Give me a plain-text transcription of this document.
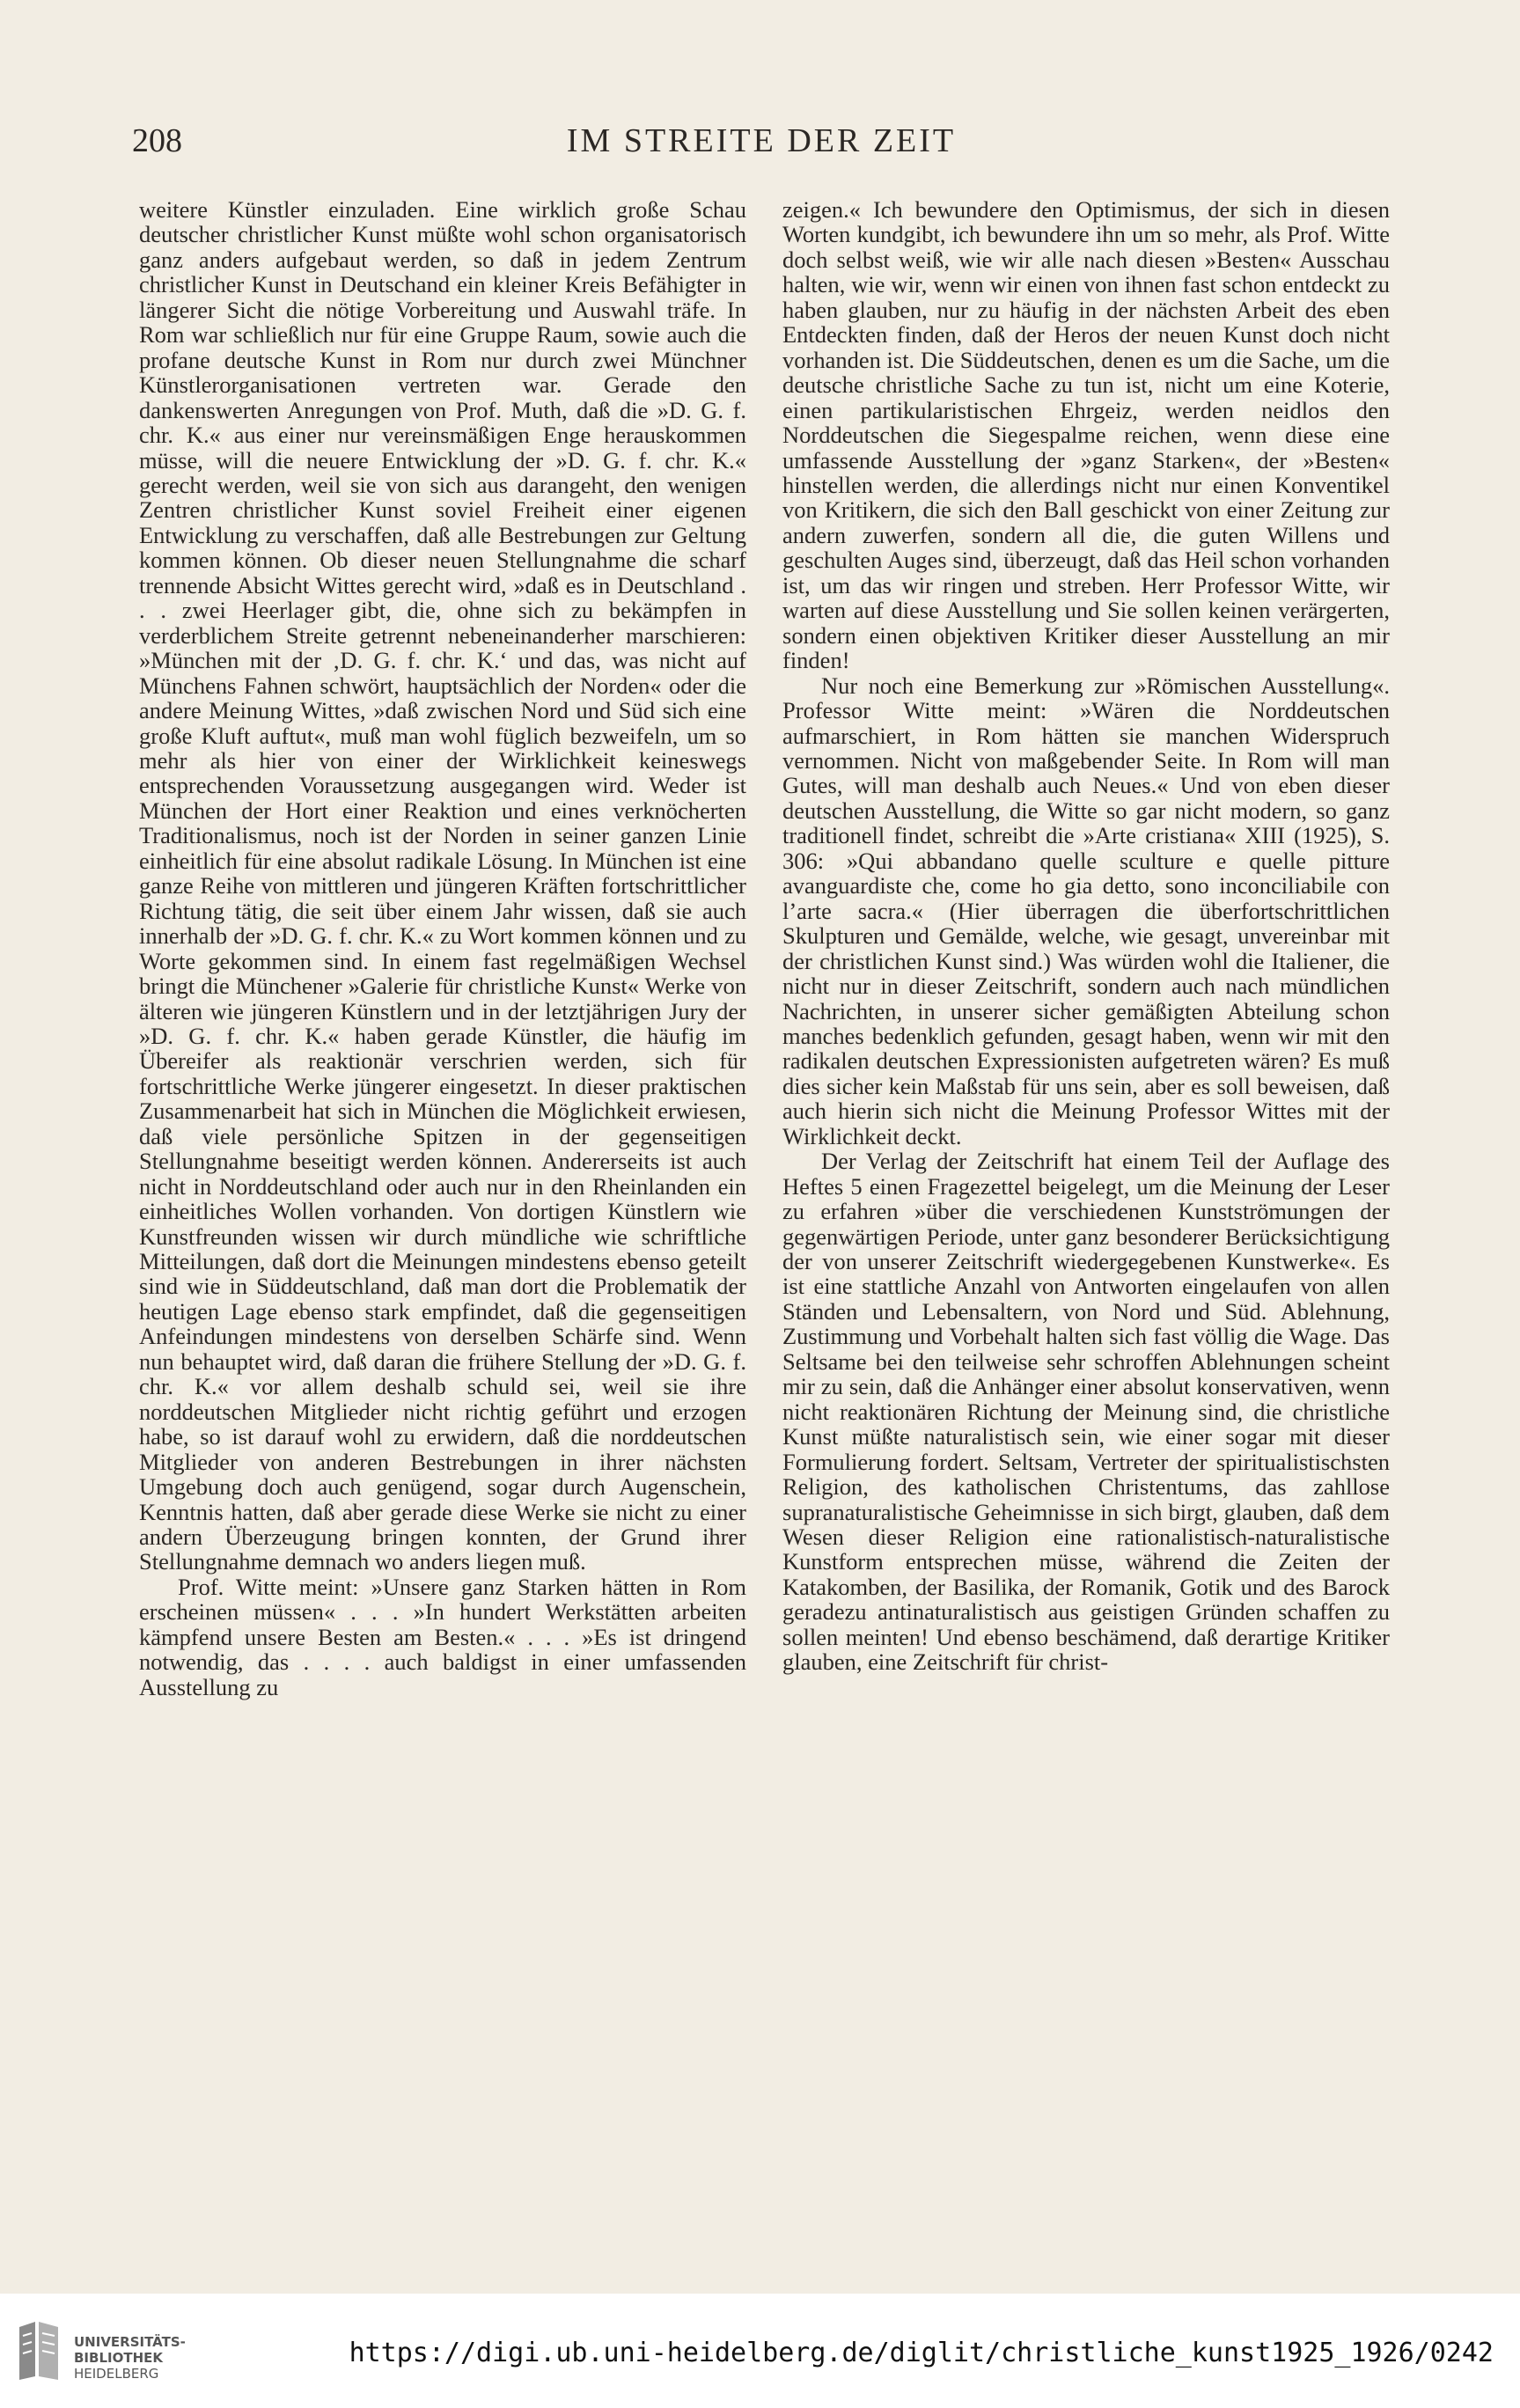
208	IM STREITE DER ZEIT

weitere Künstler einzuladen. Eine wirklich große Schau deutscher christlicher Kunst müßte wohl schon organisatorisch ganz anders aufgebaut werden, so daß in jedem Zentrum christlicher Kunst in Deutschand ein kleiner Kreis Befähigter in längerer Sicht die nötige Vorbereitung und Auswahl träfe. In Rom war schließlich nur für eine Gruppe Raum, sowie auch die profane deutsche Kunst in Rom nur durch zwei Münchner Künstlerorganisationen vertreten war. Gerade den dankenswerten Anregungen von Prof. Muth, daß die »D. G. f. chr. K.« aus einer nur vereinsmäßigen Enge herauskommen müsse, will die neuere Entwicklung der »D. G. f. chr. K.« gerecht werden, weil sie von sich aus darangeht, den wenigen Zentren christlicher Kunst soviel Freiheit einer eigenen Entwicklung zu verschaffen, daß alle Bestrebungen zur Geltung kommen können. Ob dieser neuen Stellungnahme die scharf trennende Absicht Wittes gerecht wird, »daß es in Deutschland . . . zwei Heerlager gibt, die, ohne sich zu bekämpfen in verderblichem Streite getrennt nebeneinanderher marschieren: »München mit der ‚D. G. f. chr. K.‘ und das, was nicht auf Münchens Fahnen schwört, hauptsächlich der Norden« oder die andere Meinung Wittes, »daß zwischen Nord und Süd sich eine große Kluft auftut«, muß man wohl füglich bezweifeln, um so mehr als hier von einer der Wirklichkeit keineswegs entsprechenden Voraussetzung ausgegangen wird. Weder ist München der Hort einer Reaktion und eines verknöcherten Traditionalismus, noch ist der Norden in seiner ganzen Linie einheitlich für eine absolut radikale Lösung. In München ist eine ganze Reihe von mittleren und jüngeren Kräften fortschrittlicher Richtung tätig, die seit über einem Jahr wissen, daß sie auch innerhalb der »D. G. f. chr. K.« zu Wort kommen können und zu Worte gekommen sind. In einem fast regelmäßigen Wechsel bringt die Münchener »Galerie für christliche Kunst« Werke von älteren wie jüngeren Künstlern und in der letztjährigen Jury der »D. G. f. chr. K.« haben gerade Künstler, die häufig im Übereifer als reaktionär verschrien werden, sich für fortschrittliche Werke jüngerer eingesetzt. In dieser praktischen Zusammenarbeit hat sich in München die Möglichkeit erwiesen, daß viele persönliche Spitzen in der gegenseitigen Stellungnahme beseitigt werden können. Andererseits ist auch nicht in Norddeutschland oder auch nur in den Rheinlanden ein einheitliches Wollen vorhanden. Von dortigen Künstlern wie Kunstfreunden wissen wir durch mündliche wie schriftliche Mitteilungen, daß dort die Meinungen mindestens ebenso geteilt sind wie in Süddeutschland, daß man dort die Problematik der heutigen Lage ebenso stark empfindet, daß die gegenseitigen Anfeindungen mindestens von derselben Schärfe sind. Wenn nun behauptet wird, daß daran die frühere Stellung der »D. G. f. chr. K.« vor allem deshalb schuld sei, weil sie ihre norddeutschen Mitglieder nicht richtig geführt und erzogen habe, so ist darauf wohl zu erwidern, daß die norddeutschen Mitglieder von anderen Bestrebungen in ihrer nächsten Umgebung doch auch genügend, sogar durch Augenschein, Kenntnis hatten, daß aber gerade diese Werke sie nicht zu einer andern Überzeugung bringen konnten, der Grund ihrer Stellungnahme demnach wo anders liegen muß.

Prof. Witte meint: »Unsere ganz Starken hätten in Rom erscheinen müssen« . . . »In hundert Werkstätten arbeiten kämpfend unsere Besten am Besten.« . . . »Es ist dringend notwendig, das . . . . auch baldigst in einer umfassenden Ausstellung zu

zeigen.« Ich bewundere den Optimismus, der sich in diesen Worten kundgibt, ich bewundere ihn um so mehr, als Prof. Witte doch selbst weiß, wie wir alle nach diesen »Besten« Ausschau halten, wie wir, wenn wir einen von ihnen fast schon entdeckt zu haben glauben, nur zu häufig in der nächsten Arbeit des eben Entdeckten finden, daß der Heros der neuen Kunst doch nicht vorhanden ist. Die Süddeutschen, denen es um die Sache, um die deutsche christliche Sache zu tun ist, nicht um eine Koterie, einen partikularistischen Ehrgeiz, werden neidlos den Norddeutschen die Siegespalme reichen, wenn diese eine umfassende Ausstellung der »ganz Starken«, der »Besten« hinstellen werden, die allerdings nicht nur einen Konventikel von Kritikern, die sich den Ball geschickt von einer Zeitung zur andern zuwerfen, sondern all die, die guten Willens und geschulten Auges sind, überzeugt, daß das Heil schon vorhanden ist, um das wir ringen und streben. Herr Professor Witte, wir warten auf diese Ausstellung und Sie sollen keinen verärgerten, sondern einen objektiven Kritiker dieser Ausstellung an mir finden!

Nur noch eine Bemerkung zur »Römischen Ausstellung«. Professor Witte meint: »Wären die Norddeutschen aufmarschiert, in Rom hätten sie manchen Widerspruch vernommen. Nicht von maßgebender Seite. In Rom will man Gutes, will man deshalb auch Neues.« Und von eben dieser deutschen Ausstellung, die Witte so gar nicht modern, so ganz traditionell findet, schreibt die »Arte cristiana« XIII (1925), S. 306: »Qui abbandano quelle sculture e quelle pitture avanguardiste che, come ho gia detto, sono inconciliabile con l’arte sacra.« (Hier überragen die überfortschrittlichen Skulpturen und Gemälde, welche, wie gesagt, unvereinbar mit der christlichen Kunst sind.) Was würden wohl die Italiener, die nicht nur in dieser Zeitschrift, sondern auch nach mündlichen Nachrichten, in unserer sicher gemäßigten Abteilung schon manches bedenklich gefunden, gesagt haben, wenn wir mit den radikalen deutschen Expressionisten aufgetreten wären? Es muß dies sicher kein Maßstab für uns sein, aber es soll beweisen, daß auch hierin sich nicht die Meinung Professor Wittes mit der Wirklichkeit deckt.

Der Verlag der Zeitschrift hat einem Teil der Auflage des Heftes 5 einen Fragezettel beigelegt, um die Meinung der Leser zu erfahren »über die verschiedenen Kunstströmungen der gegenwärtigen Periode, unter ganz besonderer Berücksichtigung der von unserer Zeitschrift wiedergegebenen Kunstwerke«. Es ist eine stattliche Anzahl von Antworten eingelaufen von allen Ständen und Lebensaltern, von Nord und Süd. Ablehnung, Zustimmung und Vorbehalt halten sich fast völlig die Wage. Das Seltsame bei den teilweise sehr schroffen Ablehnungen scheint mir zu sein, daß die Anhänger einer absolut konservativen, wenn nicht reaktionären Richtung der Meinung sind, die christliche Kunst müßte naturalistisch sein, wie einer sogar mit dieser Formulierung fordert. Seltsam, Vertreter der spiritualistischsten Religion, des katholischen Christentums, das zahllose supranaturalistische Geheimnisse in sich birgt, glauben, daß dem Wesen dieser Religion eine rationalistisch-naturalistische Kunstform entsprechen müsse, während die Zeiten der Katakomben, der Basilika, der Romanik, Gotik und des Barock geradezu antinaturalistisch aus geistigen Gründen schaffen zu sollen meinten! Und ebenso beschämend, daß derartige Kritiker glauben, eine Zeitschrift für christ-

UNIVERSITÄTS-
BIBLIOTHEK
HEIDELBERG
https://digi.ub.uni-heidelberg.de/diglit/christliche_kunst1925_1926/0242
